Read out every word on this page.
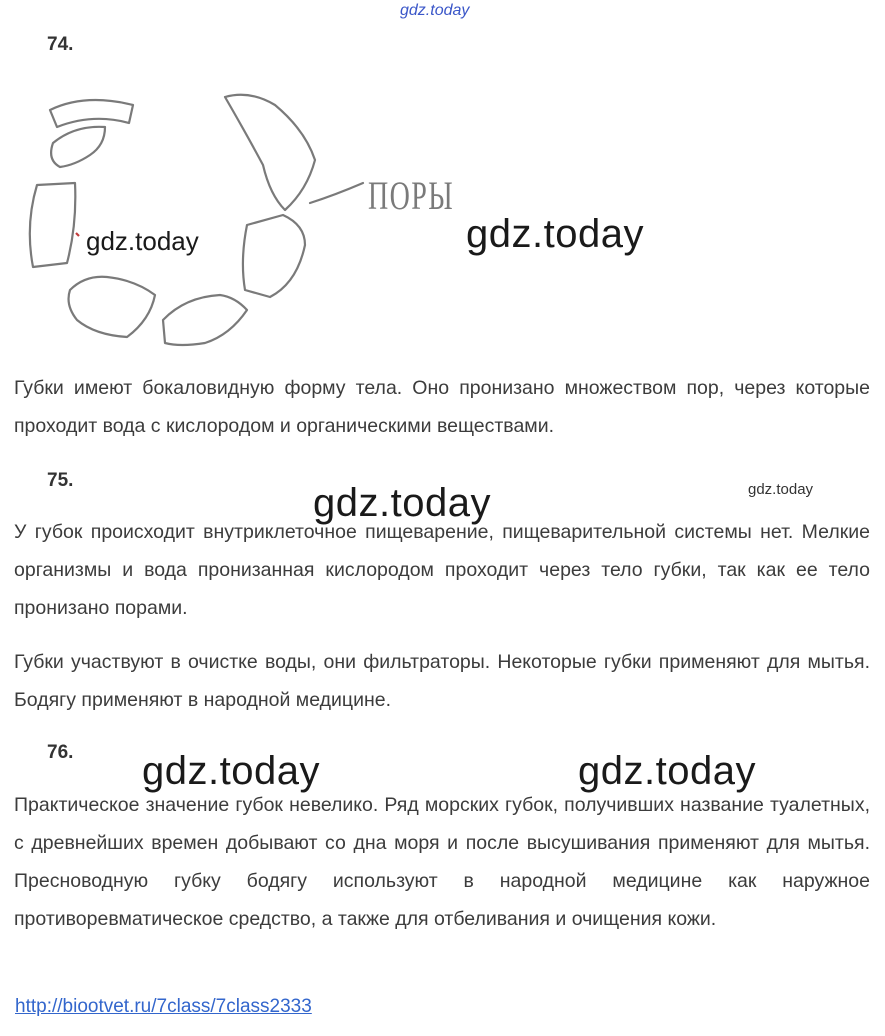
gdz.today
74.
ПОРЫ
gdz.today	gdz.today

Губки имеют бокаловидную форму тела. Оно пронизано множеством пор, через которые проходит вода с кислородом и органическими веществами.

75.
gdz.today	gdz.today

У губок происходит внутриклеточное пищеварение, пищеварительной системы нет. Мелкие организмы и вода пронизанная кислородом проходит через тело губки, так как ее тело пронизано порами.

Губки участвуют в очистке воды, они фильтраторы. Некоторые губки применяют для мытья. Бодягу применяют в народной медицине.

76. gdz.today	gdz.today

Практическое значение губок невелико. Ряд морских губок, получивших название туалетных, с древнейших времен добывают со дна моря и после высушивания применяют для мытья. Пресноводную губку бодягу используют в народной медицине как наружное противоревматическое средство, а также для отбеливания и очищения кожи.

http://biootvet.ru/7class/7class2333
